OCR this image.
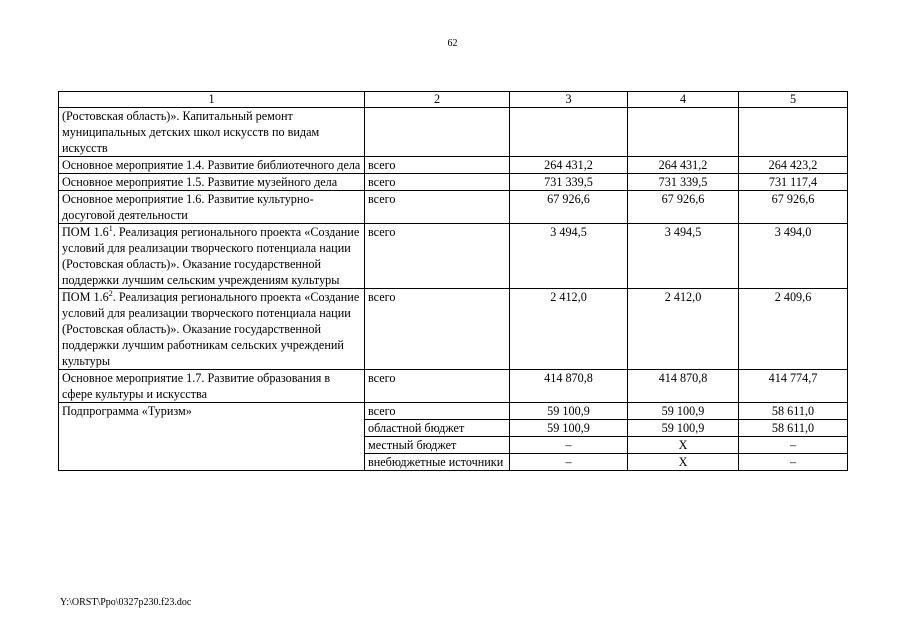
62
1	2	3	4	5
(Ростовская область)». Капитальный ремонт муниципальных детских школ искусств по видам искусств				
Основное мероприятие 1.4. Развитие библиотечного дела	всего	264 431,2	264 431,2	264 423,2
Основное мероприятие 1.5. Развитие музейного дела	всего	731 339,5	731 339,5	731 117,4
Основное мероприятие 1.6. Развитие культурно-досуговой деятельности	всего	67 926,6	67 926,6	67 926,6
ПОМ $1.6^1$. Реализация регионального проекта «Создание условий для реализации творческого потенциала нации (Ростовская область)». Оказание государственной поддержки лучшим сельским учреждениям культуры	всего	3 494,5	3 494,5	3 494,0
ПОМ $1.6^2$. Реализация регионального проекта «Создание условий для реализации творческого потенциала нации (Ростовская область)». Оказание государственной поддержки лучшим работникам сельских учреждений культуры	всего	2 412,0	2 412,0	2 409,6
Основное мероприятие 1.7. Развитие образования в сфере культуры и искусства	всего	414 870,8	414 870,8	414 774,7
Подпрограмма «Туризм»	всего	59 100,9	59 100,9	58 611,0
	областной бюджет	59 100,9	59 100,9	58 611,0
	местный бюджет	–	Х	–
	внебюджетные источники	–	Х	–
Y:\ORST\Ppo\0327p230.f23.doc
